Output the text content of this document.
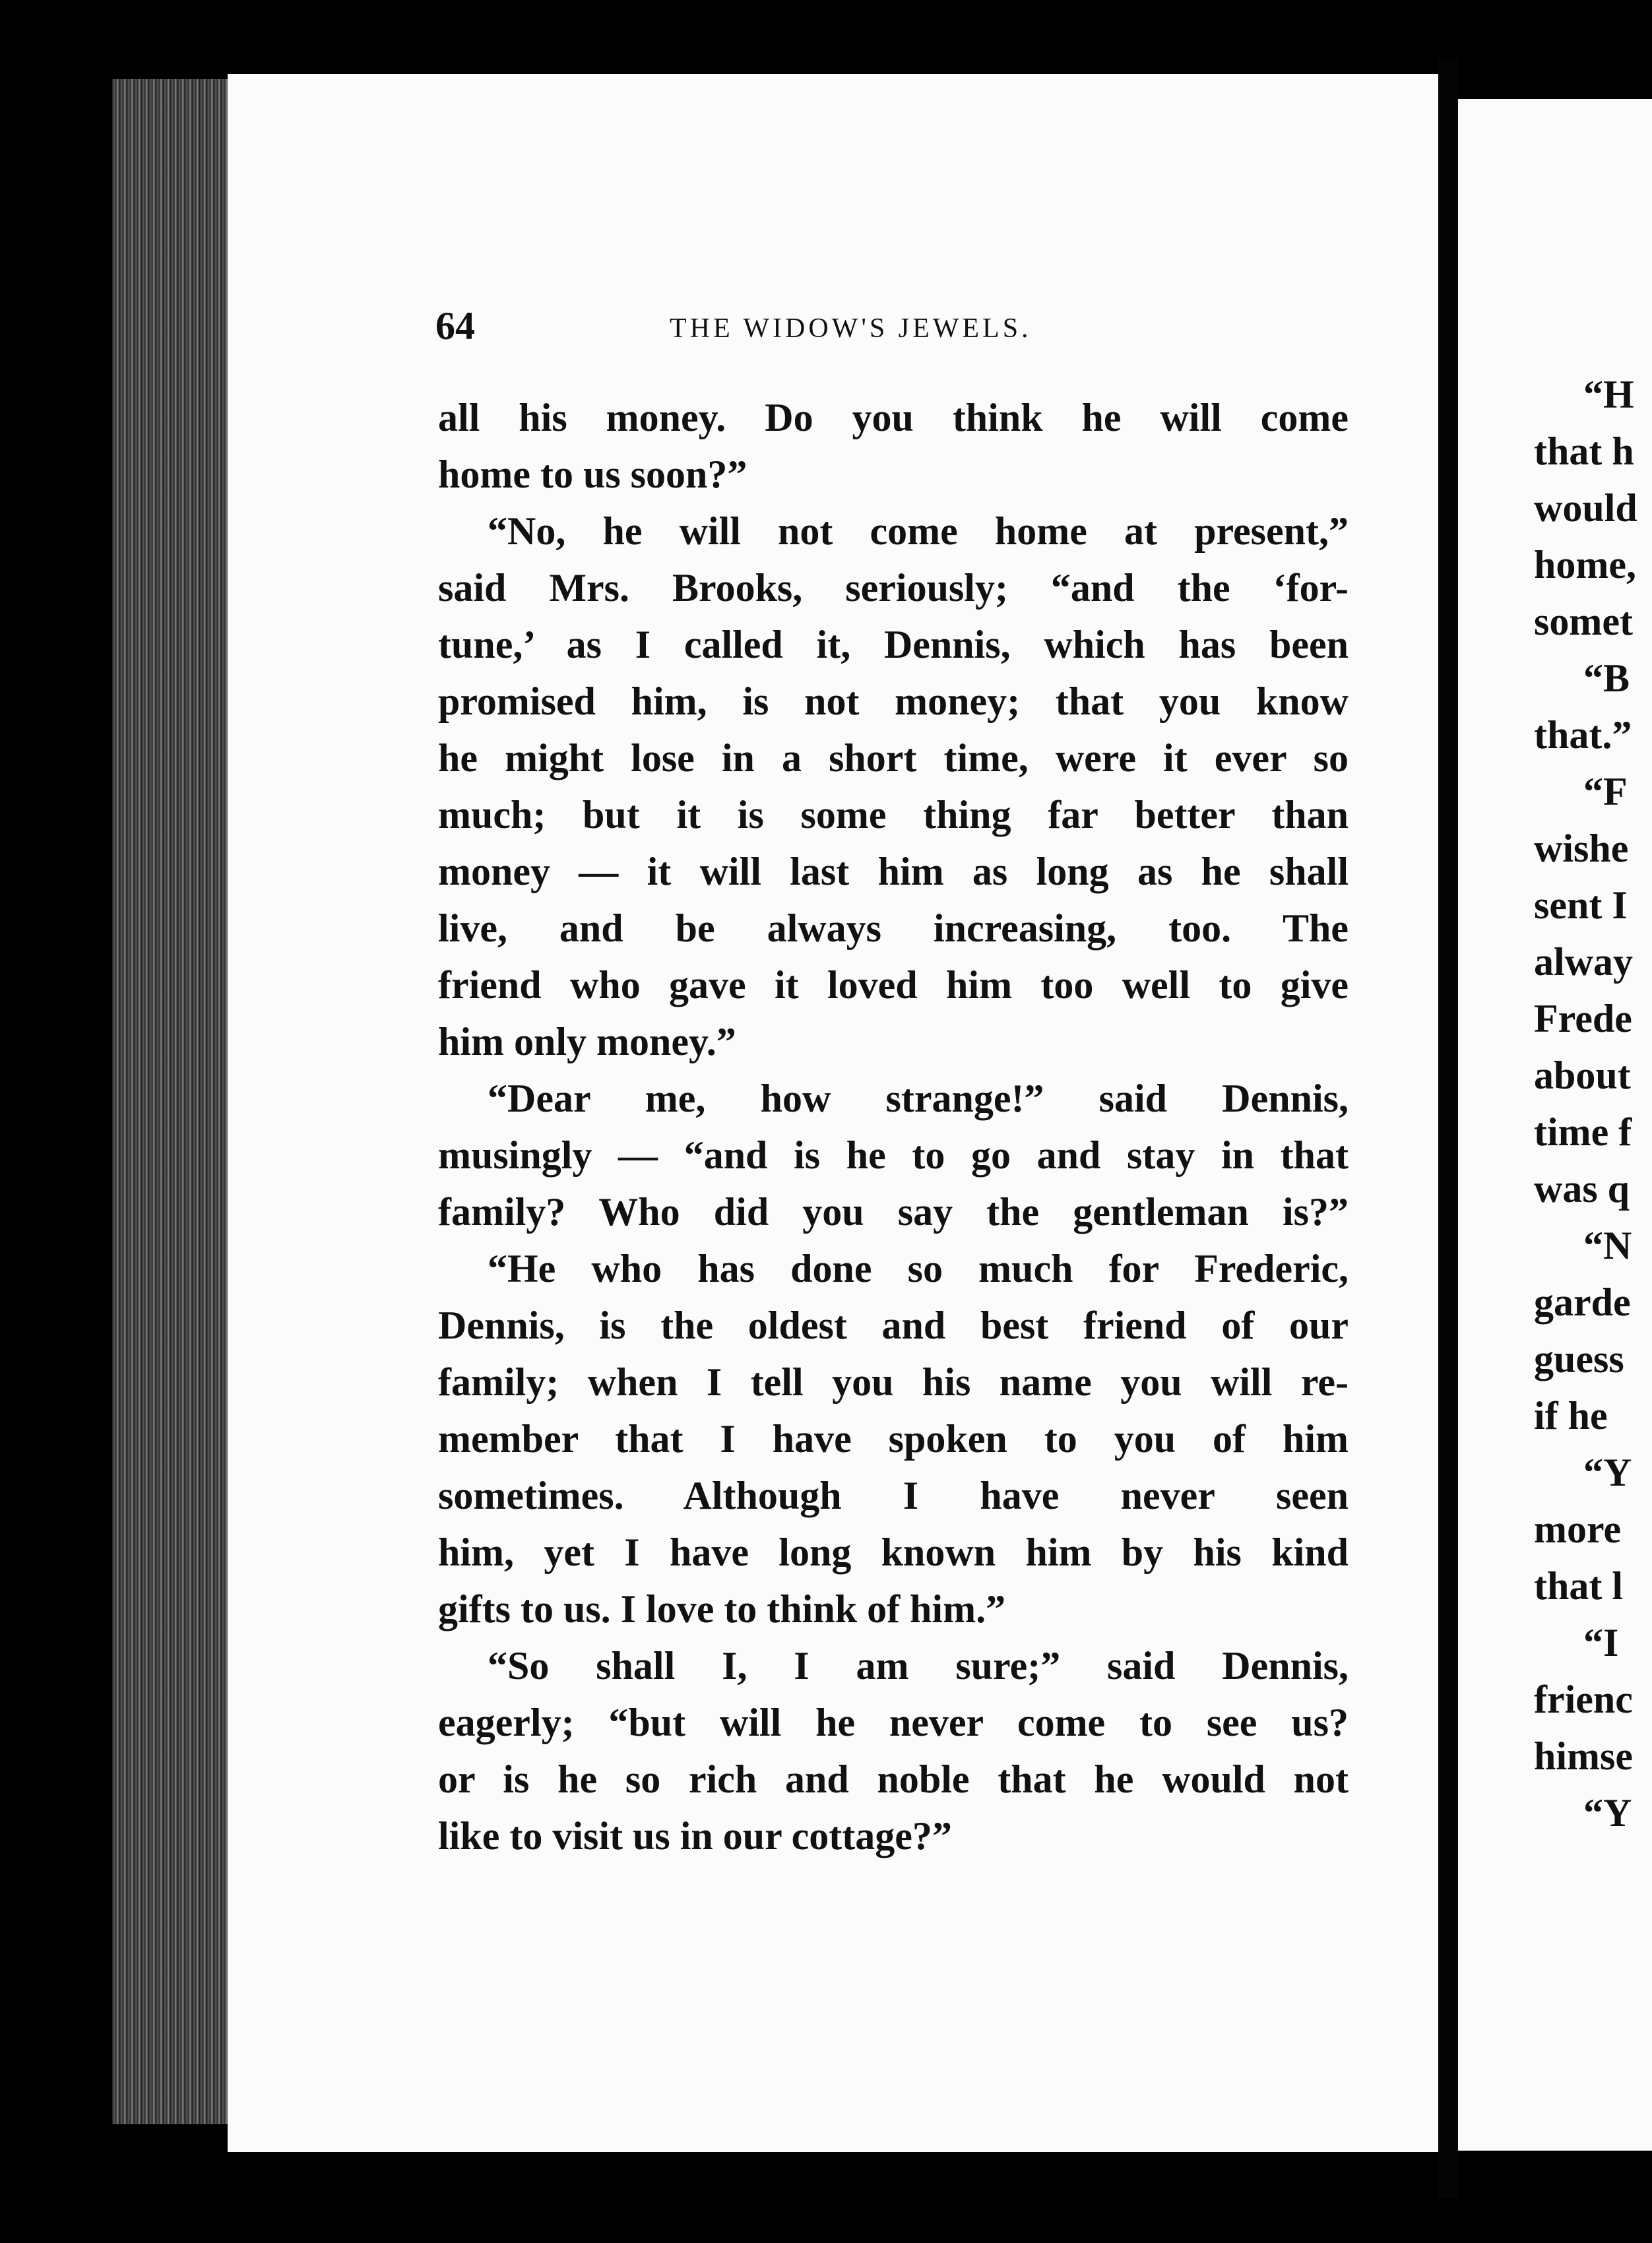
64	THE WIDOW'S JEWELS.
all his money. Do you think he will come
home to us soon?”
“No, he will not come home at present,”
said Mrs. Brooks, seriously; “and the ‘for-
tune,’ as I called it, Dennis, which has been
promised him, is not money; that you know
he might lose in a short time, were it ever so
much; but it is some thing far better than
money — it will last him as long as he shall
live, and be always increasing, too. The
friend who gave it loved him too well to give
him only money.”
“Dear me, how strange!” said Dennis,
musingly — “and is he to go and stay in that
family? Who did you say the gentleman is?”
“He who has done so much for Frederic,
Dennis, is the oldest and best friend of our
family; when I tell you his name you will re-
member that I have spoken to you of him
sometimes. Although I have never seen
him, yet I have long known him by his kind
gifts to us. I love to think of him.”
“So shall I, I am sure;” said Dennis,
eagerly; “but will he never come to see us?
or is he so rich and noble that he would not
like to visit us in our cottage?”
“H
that h
would
home,
somet
“B
that.”
“F
wishe
sent I
alway
Frede
about
time f
was q
“N
garde
guess
if he
“Y
more
that l
“I
frienc
himse
“Y
